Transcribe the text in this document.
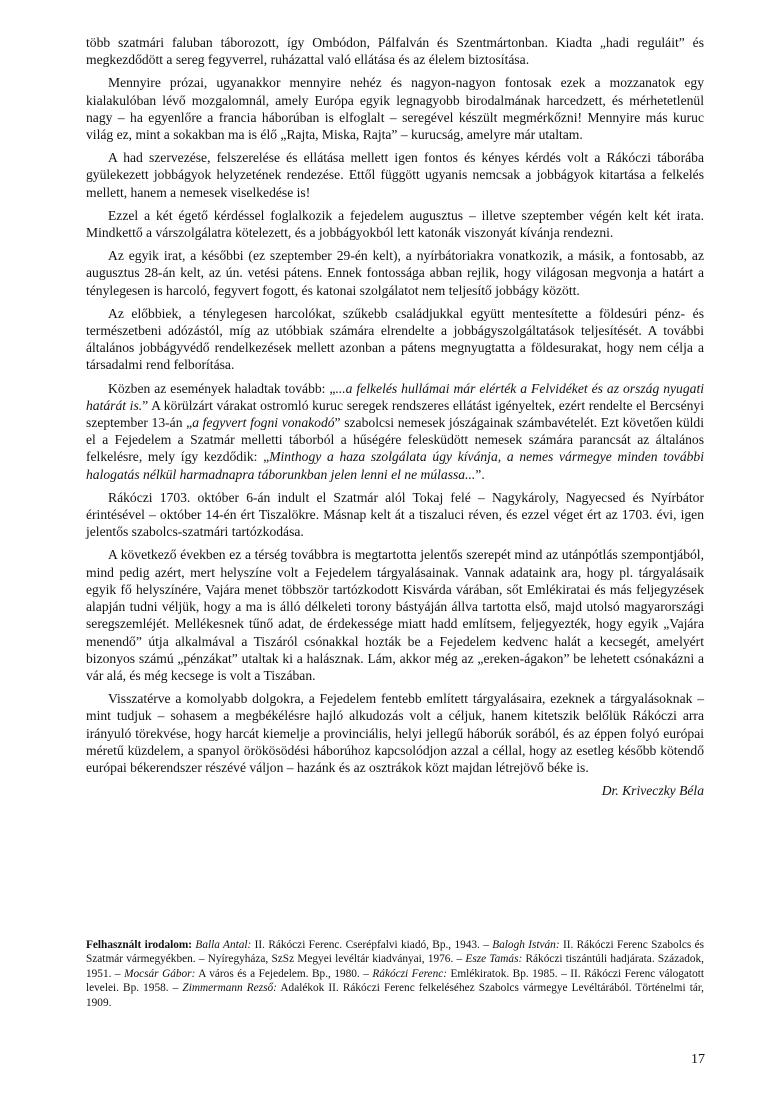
több szatmári faluban táborozott, így Ombódon, Pálfalván és Szentmártonban. Kiadta „hadi reguláit” és megkezdődött a sereg fegyverrel, ruházattal való ellátása és az élelem biztosítása.

Mennyire prózai, ugyanakkor mennyire nehéz és nagyon-nagyon fontosak ezek a mozzanatok egy kialakulóban lévő mozgalomnál, amely Európa egyik legnagyobb birodalmának harcedzett, és mérhetetlenül nagy – ha egyenlőre a francia háborúban is elfoglalt – seregével készült megmérkőzni! Mennyire más kuruc világ ez, mint a sokakban ma is élő „Rajta, Miska, Rajta” – kurucság, amelyre már utaltam.

A had szervezése, felszerelése és ellátása mellett igen fontos és kényes kérdés volt a Rákóczi táborába gyülekezett jobbágyok helyzetének rendezése. Ettől függött ugyanis nemcsak a jobbágyok kitartása a felkelés mellett, hanem a nemesek viselkedése is!

Ezzel a két égető kérdéssel foglalkozik a fejedelem augusztus – illetve szeptember végén kelt két irata. Mindkettő a várszolgálatra kötelezett, és a jobbágyokból lett katonák viszonyát kívánja rendezni.

Az egyik irat, a későbbi (ez szeptember 29-én kelt), a nyírbátoriakra vonatkozik, a másik, a fontosabb, az augusztus 28-án kelt, az ún. vetési pátens. Ennek fontossága abban rejlik, hogy világosan megvonja a határt a ténylegesen is harcoló, fegyvert fogott, és katonai szolgálatot nem teljesítő jobbágy között.

Az előbbiek, a ténylegesen harcolókat, szűkebb családjukkal együtt mentesítette a földesúri pénz- és természetbeni adózástól, míg az utóbbiak számára elrendelte a jobbágyszolgáltatások teljesítését. A további általános jobbágyvédő rendelkezések mellett azonban a pátens megnyugtatta a földesurakat, hogy nem célja a társadalmi rend felborítása.

Közben az események haladtak tovább: „...a felkelés hullámai már elérték a Felvidéket és az ország nyugati határát is.” A körülzárt várakat ostromló kuruc seregek rendszeres ellátást igényeltek, ezért rendelte el Bercsényi szeptember 13-án „a fegyvert fogni vonakodó” szabolcsi nemesek jószágainak számbavételét. Ezt követően küldi el a Fejedelem a Szatmár melletti táborból a hűségére felesküdött nemesek számára parancsát az általános felkelésre, mely így kezdődik: „Minthogy a haza szolgálata úgy kívánja, a nemes vármegye minden további halogatás nélkül harmadnapra táborunkban jelen lenni el ne múlassa...”.

Rákóczi 1703. október 6-án indult el Szatmár alól Tokaj felé – Nagykároly, Nagyecsed és Nyírbátor érintésével – október 14-én ért Tiszalökre. Másnap kelt át a tiszaluci réven, és ezzel véget ért az 1703. évi, igen jelentős szabolcs-szatmári tartózkodása.

A következő években ez a térség továbbra is megtartotta jelentős szerepét mind az utánpótlás szempontjából, mind pedig azért, mert helyszíne volt a Fejedelem tárgyalásainak. Vannak adataink ara, hogy pl. tárgyalásaik egyik fő helyszínére, Vajára menet többször tartózkodott Kisvárda várában, sőt Emlékiratai és más feljegyzések alapján tudni véljük, hogy a ma is álló délkeleti torony bástyáján állva tartotta első, majd utolsó magyarországi seregszemléjét. Mellékesnek tűnő adat, de érdekessége miatt hadd említsem, feljegyezték, hogy egyik „Vajára menendő” útja alkalmával a Tiszáról csónakkal hozták be a Fejedelem kedvenc halát a kecsegét, amelyért bizonyos számú „pénzákat” utaltak ki a halásznak. Lám, akkor még az „ereken-ágakon” be lehetett csónakázni a vár alá, és még kecsege is volt a Tiszában.

Visszatérve a komolyabb dolgokra, a Fejedelem fentebb említett tárgyalásaira, ezeknek a tárgyalásoknak – mint tudjuk – sohasem a megbékélésre hajló alkudozás volt a céljuk, hanem kitetszik belőlük Rákóczi arra irányuló törekvése, hogy harcát kiemelje a provinciális, helyi jellegű háborúk sorából, és az éppen folyó európai méretű küzdelem, a spanyol örökösödési háborúhoz kapcsolódjon azzal a céllal, hogy az esetleg később kötendő európai békerendszer részévé váljon – hazánk és az osztrákok közt majdan létrejövő béke is.

Dr. Kriveczky Béla

Felhasznált irodalom: Balla Antal: II. Rákóczi Ferenc. Cserépfalvi kiadó, Bp., 1943. – Balogh István: II. Rákóczi Ferenc Szabolcs és Szatmár vármegyékben. – Nyíregyháza, SzSz Megyei levéltár kiadványai, 1976. – Esze Tamás: Rákóczi tiszántúli hadjárata. Századok, 1951. – Mocsár Gábor: A város és a Fejedelem. Bp., 1980. – Rákóczi Ferenc: Emlékiratok. Bp. 1985. – II. Rákóczi Ferenc válogatott levelei. Bp. 1958. – Zimmermann Rezső: Adalékok II. Rákóczi Ferenc felkeléséhez Szabolcs vármegye Levéltárából. Történelmi tár, 1909.
17
